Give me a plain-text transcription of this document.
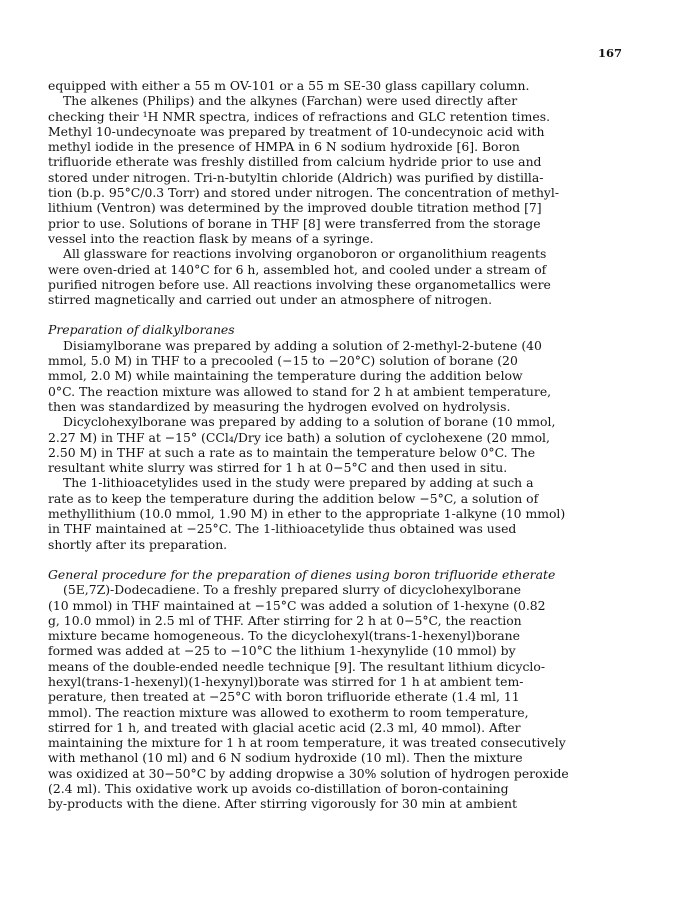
167
equipped with either a 55 m OV-101 or a 55 m SE-30 glass capillary column.
The alkenes (Philips) and the alkynes (Farchan) were used directly after
checking their ¹H NMR spectra, indices of refractions and GLC retention times.
Methyl 10-undecynoate was prepared by treatment of 10-undecynoic acid with
methyl iodide in the presence of HMPA in 6 N sodium hydroxide [6]. Boron
trifluoride etherate was freshly distilled from calcium hydride prior to use and
stored under nitrogen. Tri-n-butyltin chloride (Aldrich) was purified by distilla-
tion (b.p. 95°C/0.3 Torr) and stored under nitrogen. The concentration of methyl-
lithium (Ventron) was determined by the improved double titration method [7]
prior to use. Solutions of borane in THF [8] were transferred from the storage
vessel into the reaction flask by means of a syringe.
All glassware for reactions involving organoboron or organolithium reagents
were oven-dried at 140°C for 6 h, assembled hot, and cooled under a stream of
purified nitrogen before use. All reactions involving these organometallics were
stirred magnetically and carried out under an atmosphere of nitrogen.
Preparation of dialkylboranes
Disiamylborane was prepared by adding a solution of 2-methyl-2-butene (40
mmol, 5.0 M) in THF to a precooled (−15 to −20°C) solution of borane (20
mmol, 2.0 M) while maintaining the temperature during the addition below
0°C. The reaction mixture was allowed to stand for 2 h at ambient temperature,
then was standardized by measuring the hydrogen evolved on hydrolysis.
Dicyclohexylborane was prepared by adding to a solution of borane (10 mmol,
2.27 M) in THF at −15° (CCl₄/Dry ice bath) a solution of cyclohexene (20 mmol,
2.50 M) in THF at such a rate as to maintain the temperature below 0°C. The
resultant white slurry was stirred for 1 h at 0−5°C and then used in situ.
The 1-lithioacetylides used in the study were prepared by adding at such a
rate as to keep the temperature during the addition below −5°C, a solution of
methyllithium (10.0 mmol, 1.90 M) in ether to the appropriate 1-alkyne (10 mmol)
in THF maintained at −25°C. The 1-lithioacetylide thus obtained was used
shortly after its preparation.
General procedure for the preparation of dienes using boron trifluoride etherate
(5E,7Z)-Dodecadiene. To a freshly prepared slurry of dicyclohexylborane
(10 mmol) in THF maintained at −15°C was added a solution of 1-hexyne (0.82
g, 10.0 mmol) in 2.5 ml of THF. After stirring for 2 h at 0−5°C, the reaction
mixture became homogeneous. To the dicyclohexyl(trans-1-hexenyl)borane
formed was added at −25 to −10°C the lithium 1-hexynylide (10 mmol) by
means of the double-ended needle technique [9]. The resultant lithium dicyclo-
hexyl(trans-1-hexenyl)(1-hexynyl)borate was stirred for 1 h at ambient tem-
perature, then treated at −25°C with boron trifluoride etherate (1.4 ml, 11
mmol). The reaction mixture was allowed to exotherm to room temperature,
stirred for 1 h, and treated with glacial acetic acid (2.3 ml, 40 mmol). After
maintaining the mixture for 1 h at room temperature, it was treated consecutively
with methanol (10 ml) and 6 N sodium hydroxide (10 ml). Then the mixture
was oxidized at 30−50°C by adding dropwise a 30% solution of hydrogen peroxide
(2.4 ml). This oxidative work up avoids co-distillation of boron-containing
by-products with the diene. After stirring vigorously for 30 min at ambient
